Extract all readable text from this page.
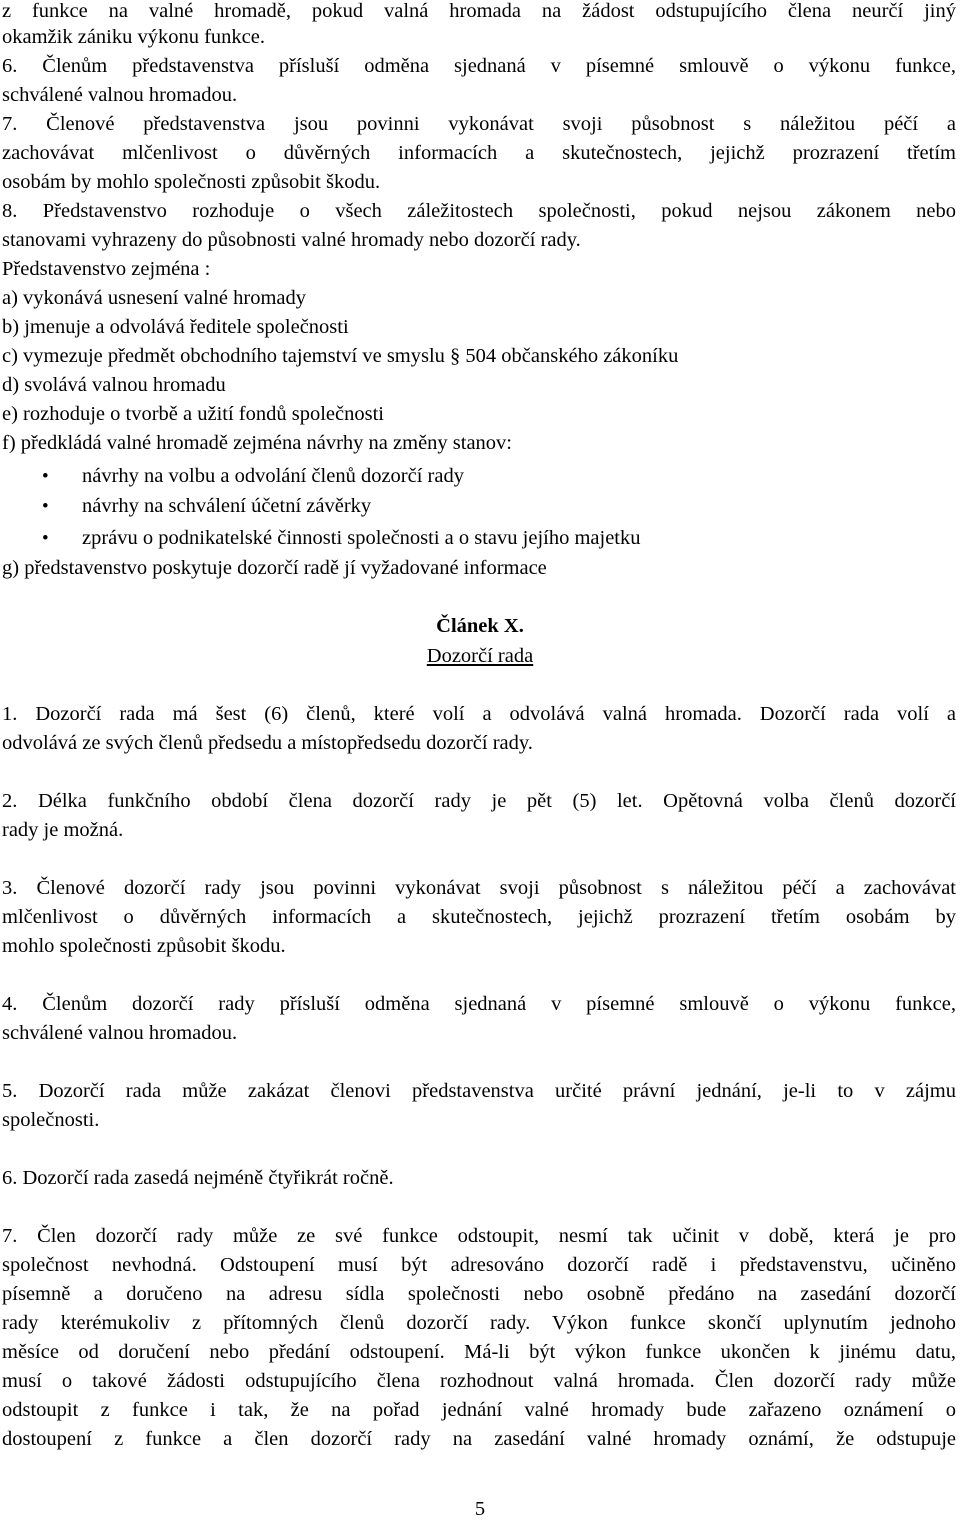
z funkce na valné hromadě, pokud valná hromada na žádost odstupujícího člena neurčí jiný
okamžik zániku výkonu funkce.
6. Členům představenstva přísluší odměna sjednaná v písemné smlouvě o výkonu funkce,
schválené valnou hromadou.
7. Členové představenstva jsou povinni vykonávat svoji působnost s náležitou péčí a
zachovávat mlčenlivost o důvěrných informacích a skutečnostech, jejichž prozrazení třetím
osobám by mohlo společnosti způsobit škodu.
8. Představenstvo rozhoduje o všech záležitostech společnosti, pokud nejsou zákonem nebo
stanovami vyhrazeny do působnosti valné hromady nebo dozorčí rady.
Představenstvo zejména :
a) vykonává usnesení valné hromady
b) jmenuje a odvolává ředitele společnosti
c) vymezuje předmět obchodního tajemství ve smyslu § 504 občanského zákoníku
d) svolává valnou hromadu
e) rozhoduje o tvorbě a užití fondů společnosti
f) předkládá valné hromadě zejména návrhy na změny stanov:
• návrhy na volbu a odvolání členů dozorčí rady
• návrhy na schválení účetní závěrky
• zprávu o podnikatelské činnosti společnosti a o stavu jejího majetku
g) představenstvo poskytuje dozorčí radě jí vyžadované informace
Článek X.
Dozorčí rada
1. Dozorčí rada má šest (6) členů, které volí a odvolává valná hromada. Dozorčí rada volí a
odvolává ze svých členů předsedu a místopředsedu dozorčí rady.
2. Délka funkčního období člena dozorčí rady je pět (5) let. Opětovná volba členů dozorčí
rady je možná.
3. Členové dozorčí rady jsou povinni vykonávat svoji působnost s náležitou péčí a zachovávat
mlčenlivost o důvěrných informacích a skutečnostech, jejichž prozrazení třetím osobám by
mohlo společnosti způsobit škodu.
4. Členům dozorčí rady přísluší odměna sjednaná v písemné smlouvě o výkonu funkce,
schválené valnou hromadou.
5. Dozorčí rada může zakázat členovi představenstva určité právní jednání, je-li to v zájmu
společnosti.
6. Dozorčí rada zasedá nejméně čtyřikrát ročně.
7. Člen dozorčí rady může ze své funkce odstoupit, nesmí tak učinit v době, která je pro
společnost nevhodná. Odstoupení musí být adresováno dozorčí radě i představenstvu, učiněno
písemně a doručeno na adresu sídla společnosti nebo osobně předáno na zasedání dozorčí
rady kterémukoliv z přítomných členů dozorčí rady. Výkon funkce skončí uplynutím jednoho
měsíce od doručení nebo předání odstoupení. Má-li být výkon funkce ukončen k jinému datu,
musí o takové žádosti odstupujícího člena rozhodnout valná hromada. Člen dozorčí rady může
odstoupit z funkce i tak, že na pořad jednání valné hromady bude zařazeno oznámení o
dostoupení z funkce a člen dozorčí rady na zasedání valné hromady oznámí, že odstupuje
5
